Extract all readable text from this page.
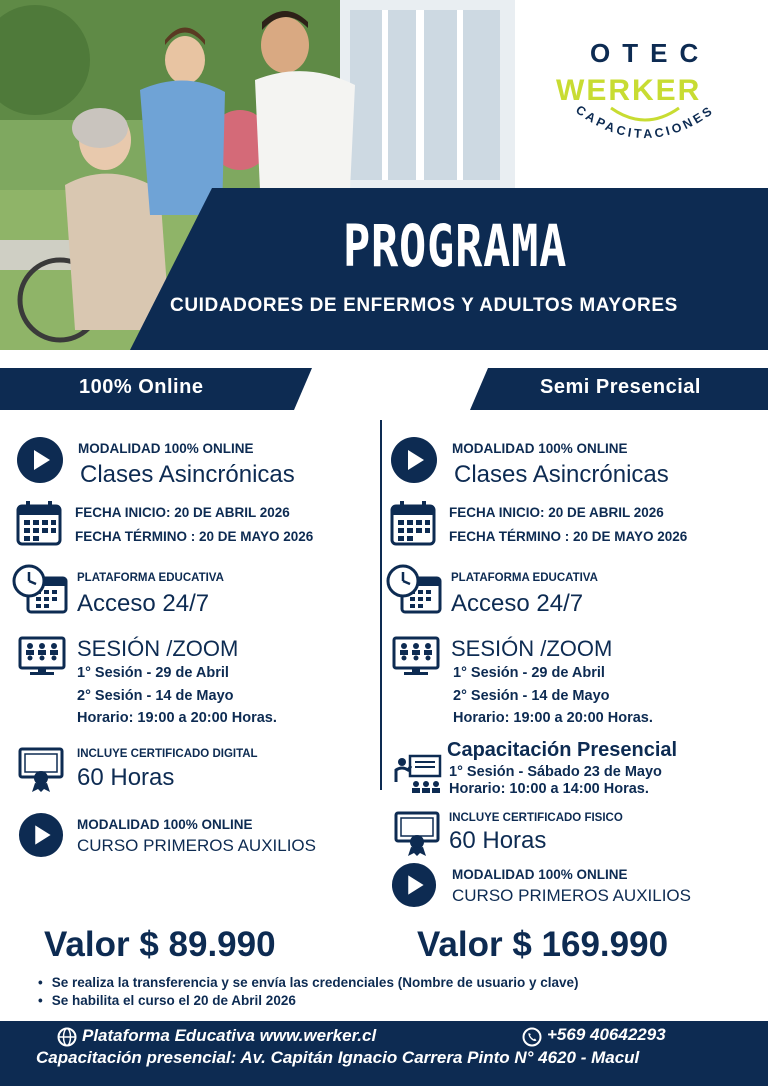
OTEC
WERKER
CAPACITACIONES
PROGRAMA
CUIDADORES DE ENFERMOS Y ADULTOS MAYORES
100% Online	Semi Presencial
MODALIDAD 100% ONLINE
Clases Asincrónicas
FECHA INICIO: 20 DE ABRIL 2026
FECHA TÉRMINO : 20 DE MAYO 2026
PLATAFORMA EDUCATIVA
Acceso 24/7
SESIÓN /ZOOM
1° Sesión - 29 de Abril
2° Sesión - 14 de Mayo
Horario: 19:00 a 20:00 Horas.
INCLUYE CERTIFICADO DIGITAL
60 Horas
MODALIDAD 100% ONLINE
CURSO PRIMEROS AUXILIOS
MODALIDAD 100% ONLINE
Clases Asincrónicas
FECHA INICIO: 20 DE ABRIL 2026
FECHA TÉRMINO : 20 DE MAYO 2026
PLATAFORMA EDUCATIVA
Acceso 24/7
SESIÓN /ZOOM
1° Sesión - 29 de Abril
2° Sesión - 14 de Mayo
Horario: 19:00 a 20:00 Horas.
Capacitación Presencial
1° Sesión - Sábado 23 de Mayo
Horario: 10:00 a 14:00 Horas.
INCLUYE CERTIFICADO FISICO
60 Horas
MODALIDAD 100% ONLINE
CURSO PRIMEROS AUXILIOS
Valor $ 89.990	Valor $ 169.990
• Se realiza la transferencia y se envía las credenciales (Nombre de usuario y clave)
• Se habilita el curso el 20 de Abril 2026
Plataforma Educativa www.werker.cl	+569 40642293
Capacitación presencial: Av. Capitán Ignacio Carrera Pinto N° 4620 - Macul
